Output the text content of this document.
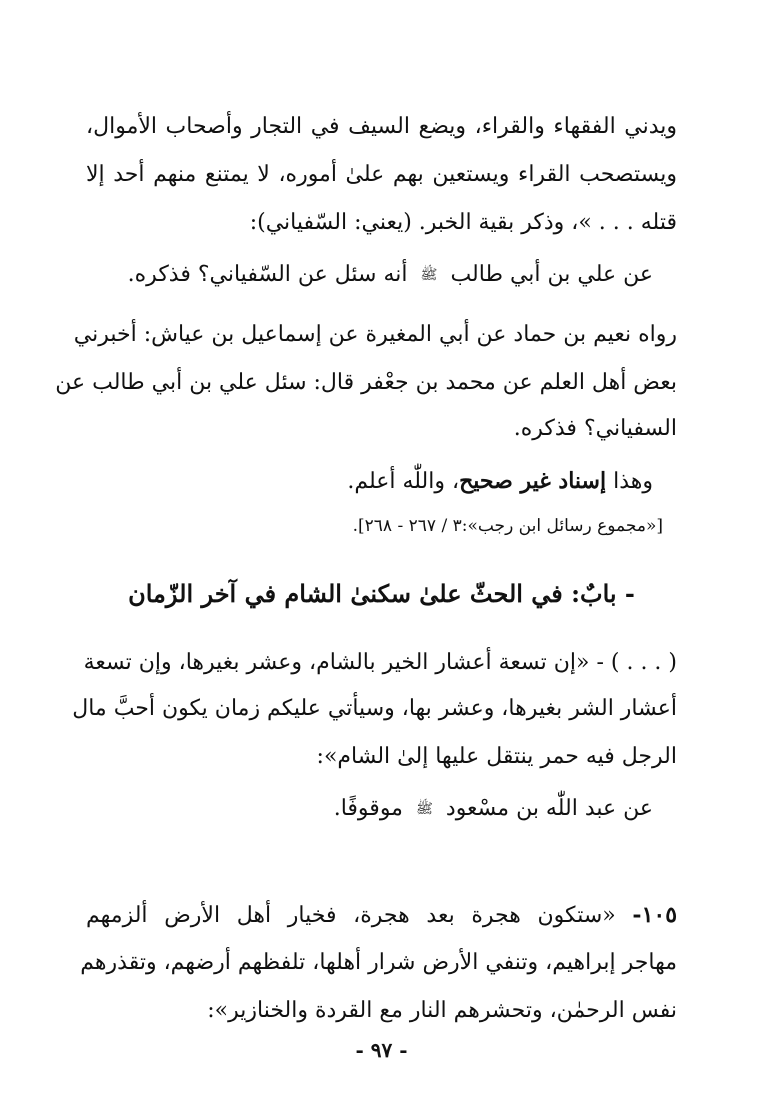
ويدني الفقهاء والقراء، ويضع السيف في التجار وأصحاب الأموال،
ويستصحب القراء ويستعين بهم علىٰ أموره، لا يمتنع منهم أحد إلا
قتله . . . »، وذكر بقية الخبر. (يعني: السّفياني):
عن علي بن أبي طالب ﷺ أنه سئل عن السّفياني؟ فذكره.
رواه نعيم بن حماد عن أبي المغيرة عن إسماعيل بن عياش: أخبرني
بعض أهل العلم عن محمد بن جعْفر قال: سئل علي بن أبي طالب عن
السفياني؟ فذكره.
وهذا إسناد غير صحيح، واللّٰه أعلم.
[«مجموع رسائل ابن رجب»:٣ / ٢٦٧ - ٢٦٨].
- بابٌ: في الحثّ علىٰ سكنىٰ الشام في آخر الزّمان
( . . . ) - «إن تسعة أعشار الخير بالشام، وعشر بغيرها، وإن تسعة
أعشار الشر بغيرها، وعشر بها، وسيأتي عليكم زمان يكون أحبَّ مال
الرجل فيه حمر ينتقل عليها إلىٰ الشام»:
عن عبد اللّٰه بن مسْعود ﷺ موقوفًا.
١٠٥- «ستكون هجرة بعد هجرة، فخيار أهل الأرض ألزمهم
مهاجر إبراهيم، وتنفي الأرض شرار أهلها، تلفظهم أرضهم، وتقذرهم
نفس الرحمٰن، وتحشرهم النار مع القردة والخنازير»:
- ٩٧ -
